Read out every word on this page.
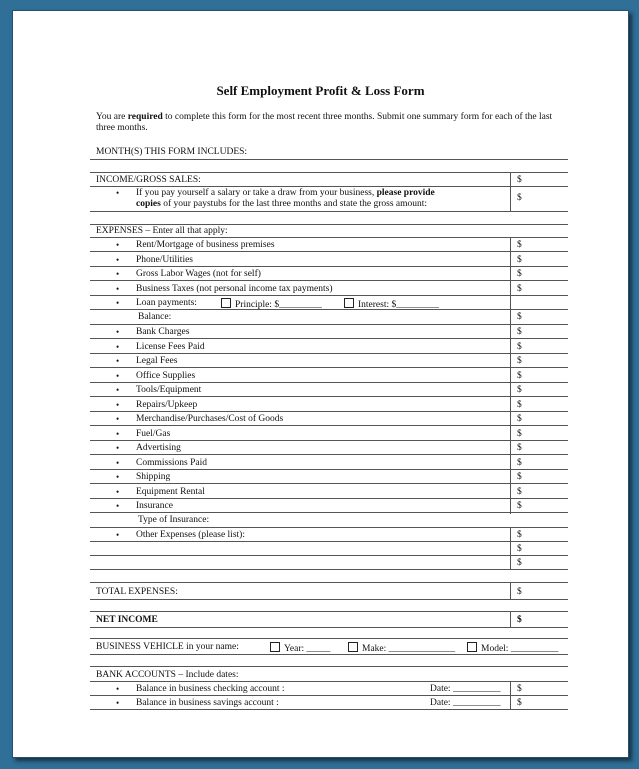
Self Employment Profit & Loss Form
You are required to complete this form for the most recent three months. Submit one summary form for each of the last three months.
MONTH(S) THIS FORM INCLUDES:
INCOME/GROSS SALES:	$
• If you pay yourself a salary or take a draw from your business, please provide
copies of your paystubs for the last three months and state the gross amount:
$
EXPENSES – Enter all that apply:
• Rent/Mortgage of business premises	$
• Phone/Utilities	$
• Gross Labor Wages (not for self)	$
• Business Taxes (not personal income tax payments)	$
• Loan payments:	Principle: $_________	Interest: $_________
Balance:	$
• Bank Charges	$
• License Fees Paid	$
• Legal Fees	$
• Office Supplies	$
• Tools/Equipment	$
• Repairs/Upkeep	$
• Merchandise/Purchases/Cost of Goods	$
• Fuel/Gas	$
• Advertising	$
• Commissions Paid	$
• Shipping	$
• Equipment Rental	$
• Insurance	$
Type of Insurance:
• Other Expenses (please list):	$
$
$
TOTAL EXPENSES:	$
NET INCOME	$
BUSINESS VEHICLE in your name:	Year: _____	Make: ______________	Model: __________
BANK ACCOUNTS – Include dates:
• Balance in business checking account :	Date: __________ $
• Balance in business savings account :	Date: __________ $
